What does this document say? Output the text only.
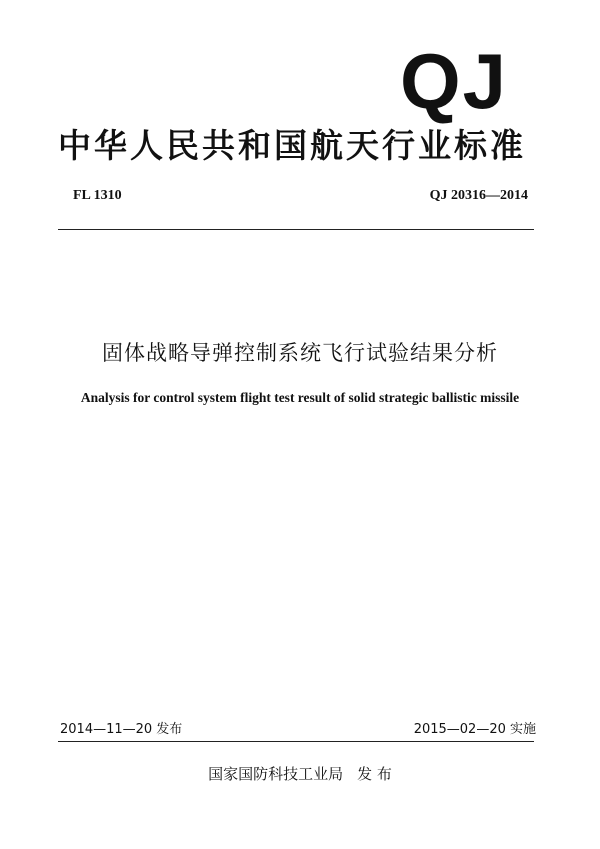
QJ
中华人民共和国航天行业标准
FL 1310	QJ 20316—2014
固体战略导弹控制系统飞行试验结果分析
Analysis for control system flight test result of solid strategic ballistic missile
2014—11—20 发布	2015—02—20 实施
国家国防科技工业局 发 布
